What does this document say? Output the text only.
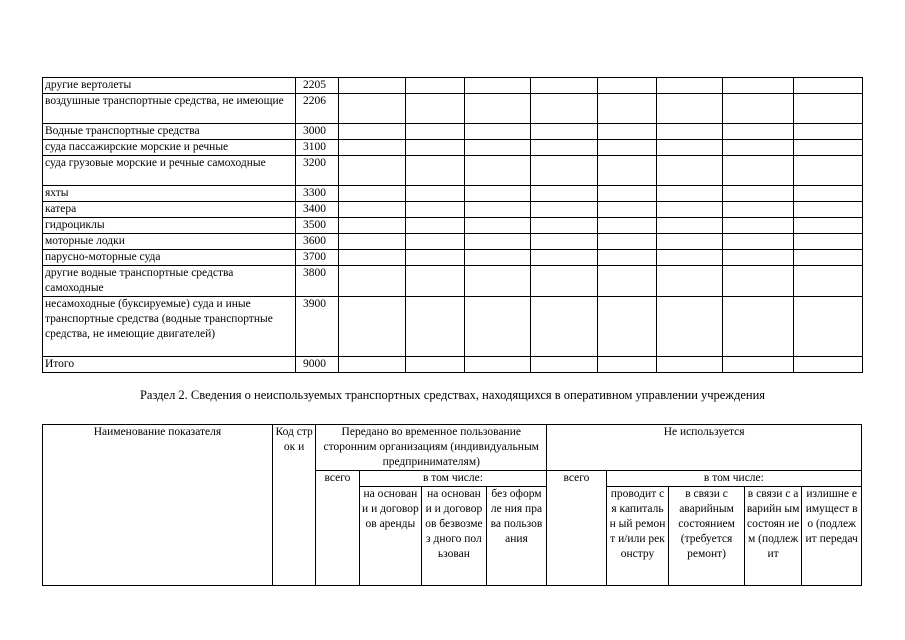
другие вертолеты	2205								
воздушные транспортные средства, не имеющие	2206								
Водные транспортные средства	3000								
суда пассажирские морские и речные	3100								
суда грузовые морские и речные самоходные	3200								
яхты	3300								
катера	3400								
гидроциклы	3500								
моторные лодки	3600								
парусно-моторные суда	3700								
другие водные транспортные средства самоходные	3800								
несамоходные (буксируемые) суда и иные транспортные средства (водные транспортные средства, не имеющие двигателей)	3900								
Итого	9000								
Раздел 2. Сведения о неиспользуемых транспортных средствах, находящихся в оперативном управлении учреждения
Наименование показателя	Код строк и	Передано во временное пользование сторонним организациям (индивидуальным предпринимателям)				Не используется				
		всего	в том числе:			всего	в том числе:			
			на основани и договоров аренды	на основани и договоров безвозмез дного пользован	без оформле ния права пользов ания		проводит ся капитальн ый ремонт и/или реконстру	в связи с аварийным состоянием (требуется ремонт)	в связи с аварийн ым состоян ием (подлеж ит	излишне е имущест во (подлеж ит передач
